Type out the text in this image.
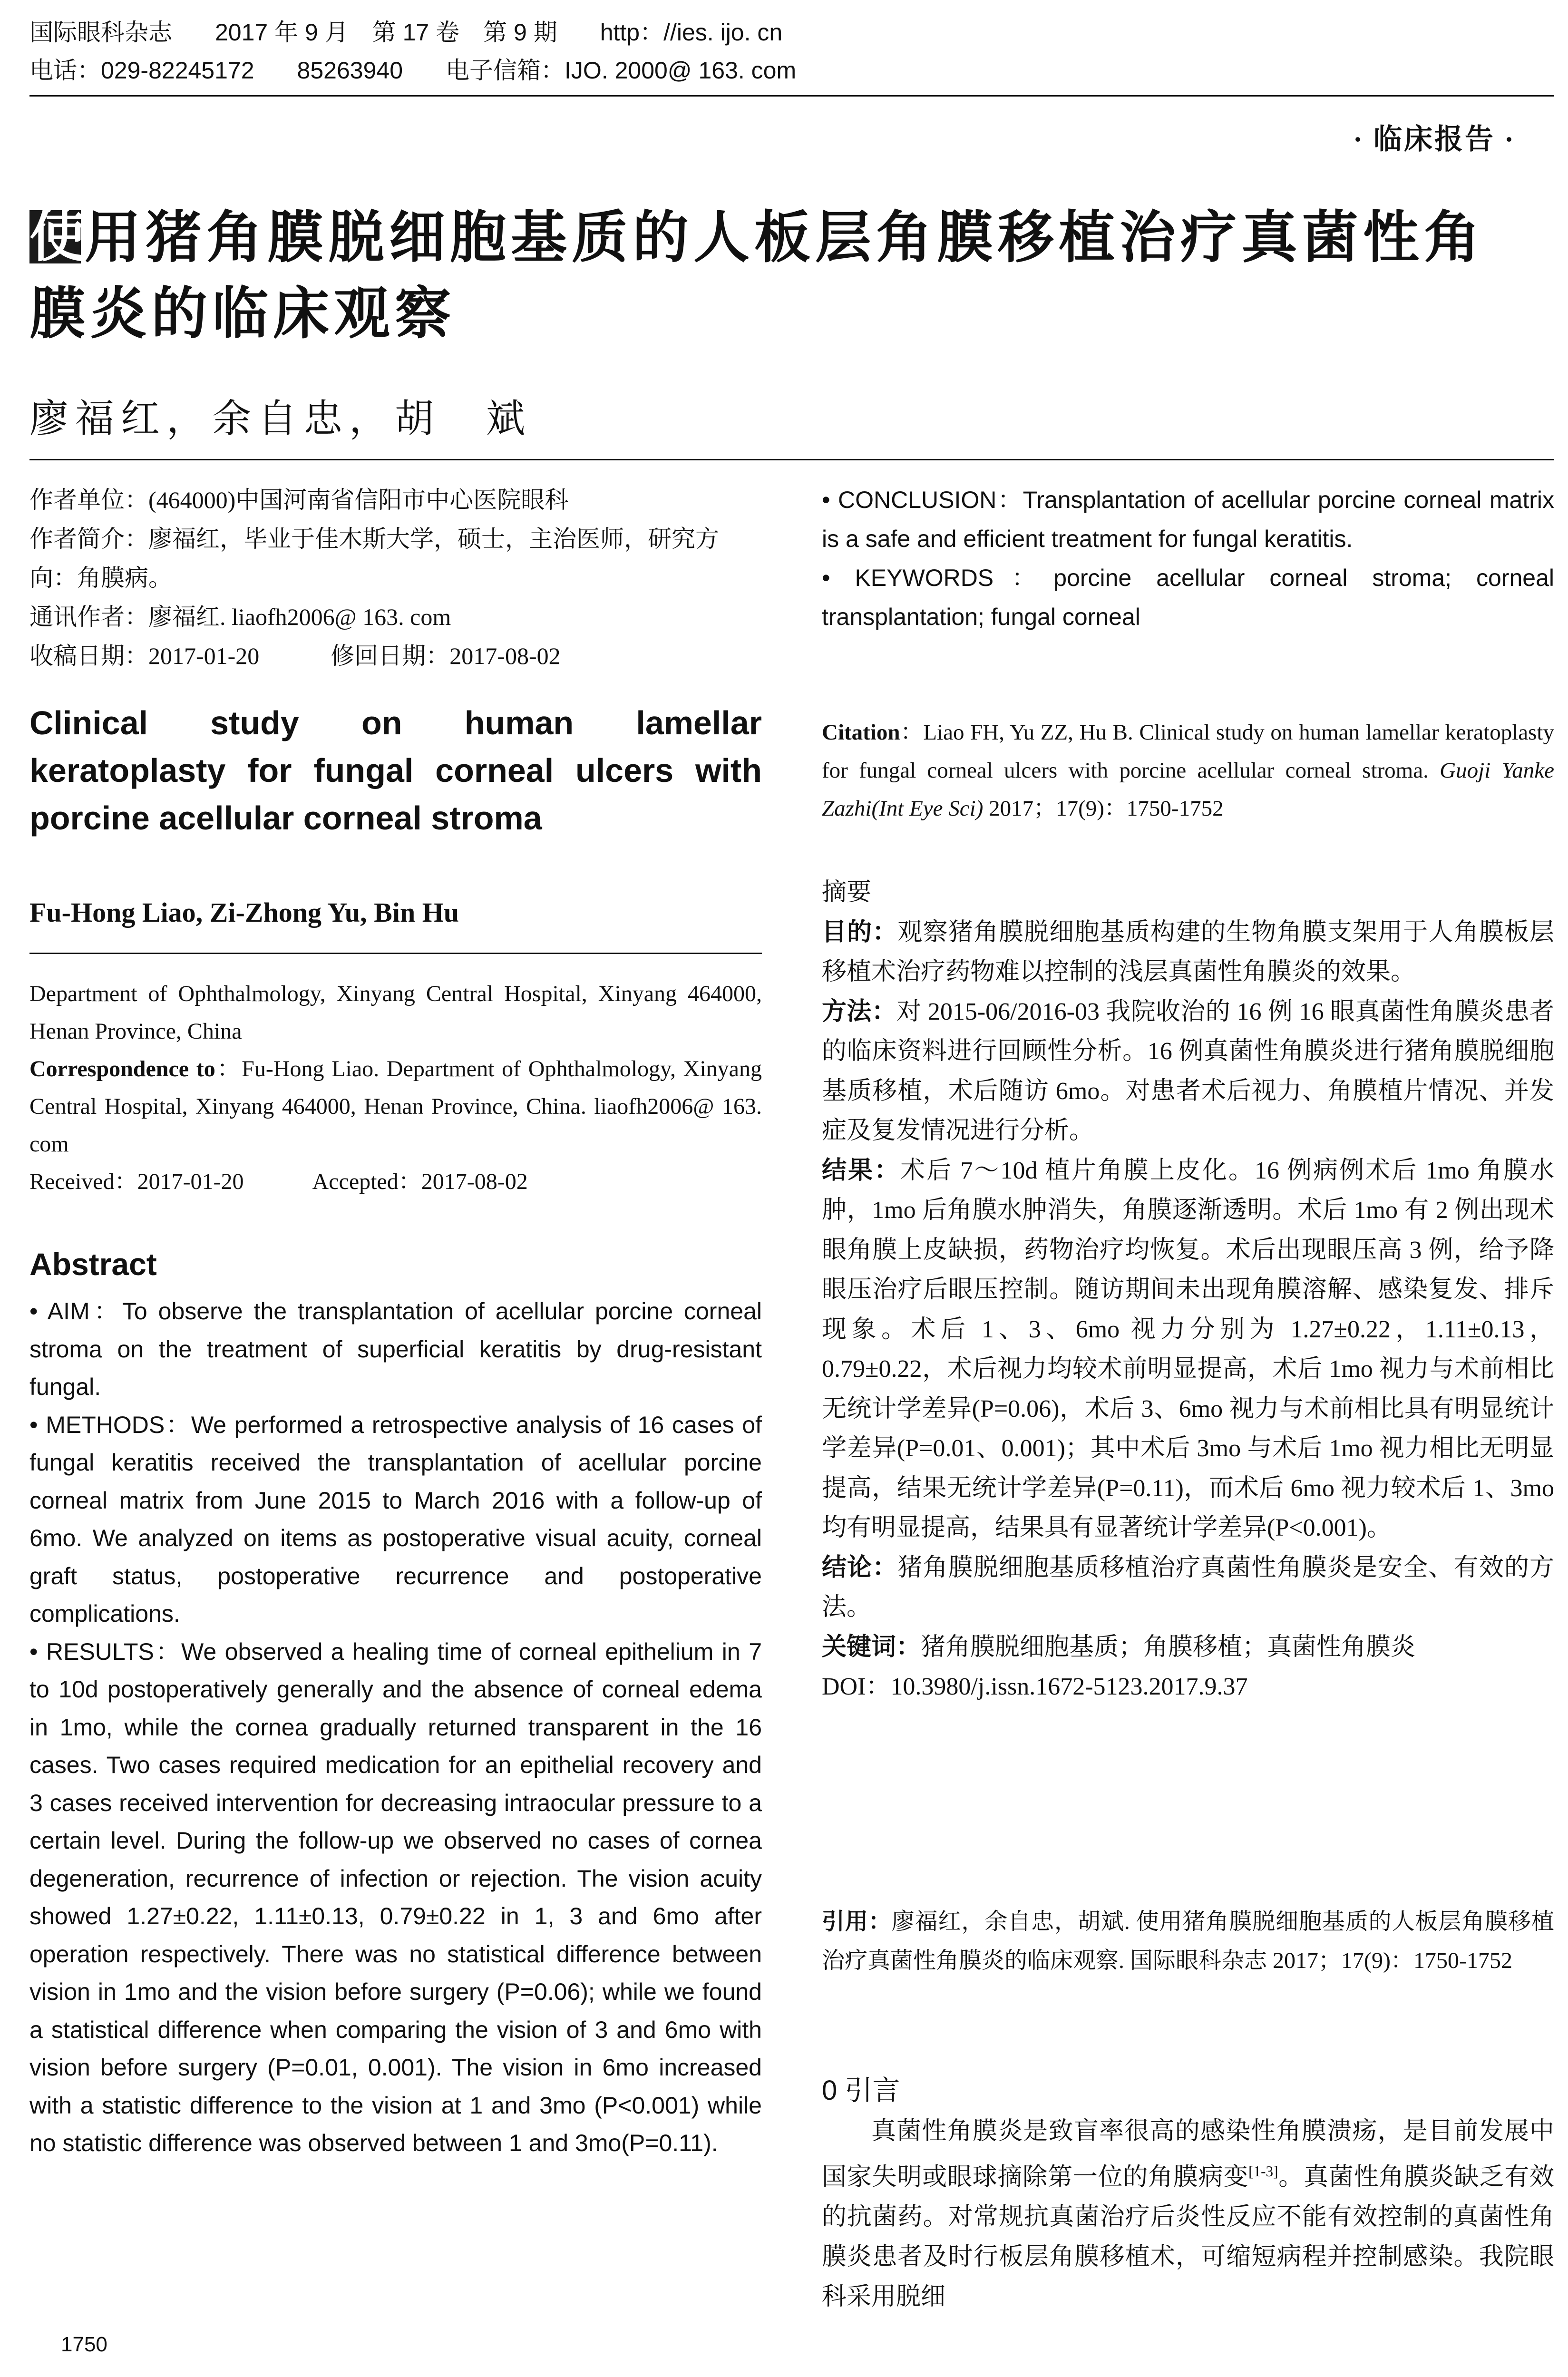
国际眼科杂志 2017 年 9 月　第 17 卷　第 9 期 http：//ies. ijo. cn
电话：029-82245172 85263940 电子信箱：IJO. 2000@ 163. com
· 临床报告 ·
使用猪角膜脱细胞基质的人板层角膜移植治疗真菌性角膜炎的临床观察
廖福红，余自忠，胡　斌

作者单位：(464000)中国河南省信阳市中心医院眼科

作者简介：廖福红，毕业于佳木斯大学，硕士，主治医师，研究方向：角膜病。

通讯作者：廖福红. liaofh2006@ 163. com

收稿日期：2017-01-20　　　修回日期：2017-08-02

Clinical study on human lamellar
keratoplasty for fungal corneal ulcers with
porcine acellular corneal stroma
Fu-Hong Liao, Zi-Zhong Yu, Bin Hu

Department of Ophthalmology, Xinyang Central Hospital, Xinyang 464000, Henan Province, China

Correspondence to：Fu-Hong Liao. Department of Ophthalmology, Xinyang Central Hospital, Xinyang 464000, Henan Province, China. liaofh2006@ 163. com

Received：2017-01-20　　　Accepted：2017-08-02

Abstract

• AIM：To observe the transplantation of acellular porcine corneal stroma on the treatment of superficial keratitis by drug-resistant fungal.

• METHODS：We performed a retrospective analysis of 16 cases of fungal keratitis received the transplantation of acellular porcine corneal matrix from June 2015 to March 2016 with a follow-up of 6mo. We analyzed on items as postoperative visual acuity, corneal graft status, postoperative recurrence and postoperative complications.

• RESULTS：We observed a healing time of corneal epithelium in 7 to 10d postoperatively generally and the absence of corneal edema in 1mo, while the cornea gradually returned transparent in the 16 cases. Two cases required medication for an epithelial recovery and 3 cases received intervention for decreasing intraocular pressure to a certain level. During the follow-up we observed no cases of cornea degeneration, recurrence of infection or rejection. The vision acuity showed 1.27±0.22, 1.11±0.13, 0.79±0.22 in 1, 3 and 6mo after operation respectively. There was no statistical difference between vision in 1mo and the vision before surgery (P=0.06); while we found a statistical difference when comparing the vision of 3 and 6mo with vision before surgery (P=0.01, 0.001). The vision in 6mo increased with a statistic difference to the vision at 1 and 3mo (P<0.001) while no statistic difference was observed between 1 and 3mo(P=0.11).

• CONCLUSION：Transplantation of acellular porcine corneal matrix is a safe and efficient treatment for fungal keratitis.

• KEYWORDS：porcine acellular corneal stroma; corneal transplantation; fungal corneal

Citation：Liao FH, Yu ZZ, Hu B. Clinical study on human lamellar keratoplasty for fungal corneal ulcers with porcine acellular corneal stroma. Guoji Yanke Zazhi(Int Eye Sci) 2017；17(9)：1750-1752

摘要

目的：观察猪角膜脱细胞基质构建的生物角膜支架用于人角膜板层移植术治疗药物难以控制的浅层真菌性角膜炎的效果。

方法：对 2015-06/2016-03 我院收治的 16 例 16 眼真菌性角膜炎患者的临床资料进行回顾性分析。16 例真菌性角膜炎进行猪角膜脱细胞基质移植，术后随访 6mo。对患者术后视力、角膜植片情况、并发症及复发情况进行分析。

结果：术后 7～10d 植片角膜上皮化。16 例病例术后 1mo 角膜水肿，1mo 后角膜水肿消失，角膜逐渐透明。术后 1mo 有 2 例出现术眼角膜上皮缺损，药物治疗均恢复。术后出现眼压高 3 例，给予降眼压治疗后眼压控制。随访期间未出现角膜溶解、感染复发、排斥现象。术后 1、3、6mo 视力分别为 1.27±0.22，1.11±0.13，0.79±0.22，术后视力均较术前明显提高，术后 1mo 视力与术前相比无统计学差异(P=0.06)，术后 3、6mo 视力与术前相比具有明显统计学差异(P=0.01、0.001)；其中术后 3mo 与术后 1mo 视力相比无明显提高，结果无统计学差异(P=0.11)，而术后 6mo 视力较术后 1、3mo 均有明显提高，结果具有显著统计学差异(P<0.001)。

结论：猪角膜脱细胞基质移植治疗真菌性角膜炎是安全、有效的方法。

关键词：猪角膜脱细胞基质；角膜移植；真菌性角膜炎

DOI：10.3980/j.issn.1672-5123.2017.9.37

引用：廖福红，余自忠，胡斌. 使用猪角膜脱细胞基质的人板层角膜移植治疗真菌性角膜炎的临床观察. 国际眼科杂志 2017；17(9)：1750-1752
0 引言
真菌性角膜炎是致盲率很高的感染性角膜溃疡，是目前发展中国家失明或眼球摘除第一位的角膜病变[1-3]。真菌性角膜炎缺乏有效的抗菌药。对常规抗真菌治疗后炎性反应不能有效控制的真菌性角膜炎患者及时行板层角膜移植术，可缩短病程并控制感染。我院眼科采用脱细
1750
